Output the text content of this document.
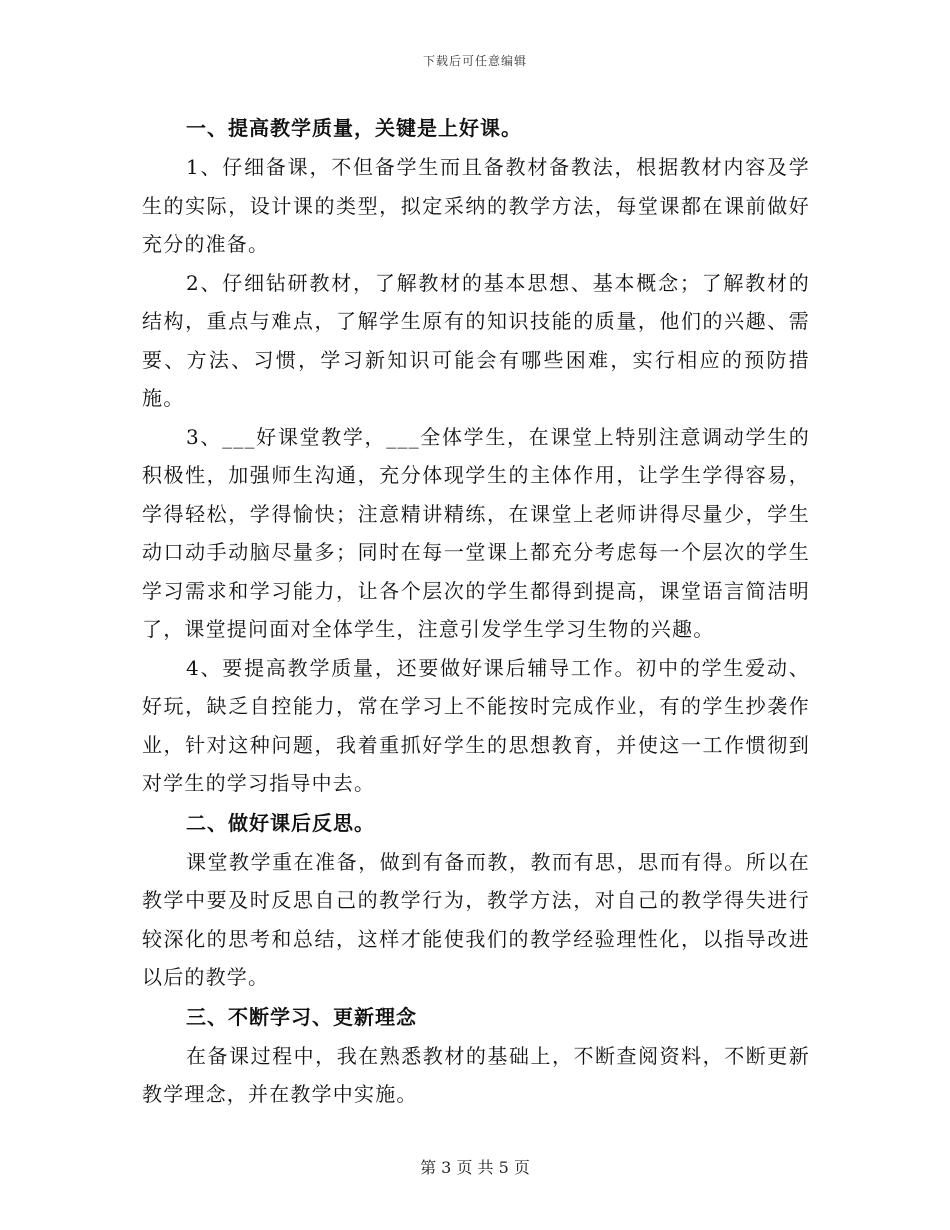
下载后可任意编辑

一、提高教学质量，关键是上好课。

1、仔细备课，不但备学生而且备教材备教法，根据教材内容及学生的实际，设计课的类型，拟定采纳的教学方法，每堂课都在课前做好充分的准备。

2、仔细钻研教材，了解教材的基本思想、基本概念；了解教材的结构，重点与难点，了解学生原有的知识技能的质量，他们的兴趣、需要、方法、习惯，学习新知识可能会有哪些困难，实行相应的预防措施。

3、___好课堂教学，___全体学生，在课堂上特别注意调动学生的积极性，加强师生沟通，充分体现学生的主体作用，让学生学得容易，学得轻松，学得愉快；注意精讲精练，在课堂上老师讲得尽量少，学生动口动手动脑尽量多；同时在每一堂课上都充分考虑每一个层次的学生学习需求和学习能力，让各个层次的学生都得到提高，课堂语言简洁明了，课堂提问面对全体学生，注意引发学生学习生物的兴趣。

4、要提高教学质量，还要做好课后辅导工作。初中的学生爱动、好玩，缺乏自控能力，常在学习上不能按时完成作业，有的学生抄袭作业，针对这种问题，我着重抓好学生的思想教育，并使这一工作惯彻到对学生的学习指导中去。

二、做好课后反思。

课堂教学重在准备，做到有备而教，教而有思，思而有得。所以在教学中要及时反思自己的教学行为，教学方法，对自己的教学得失进行较深化的思考和总结，这样才能使我们的教学经验理性化，以指导改进以后的教学。

三、不断学习、更新理念

在备课过程中，我在熟悉教材的基础上，不断查阅资料，不断更新教学理念，并在教学中实施。

第 3 页 共 5 页
